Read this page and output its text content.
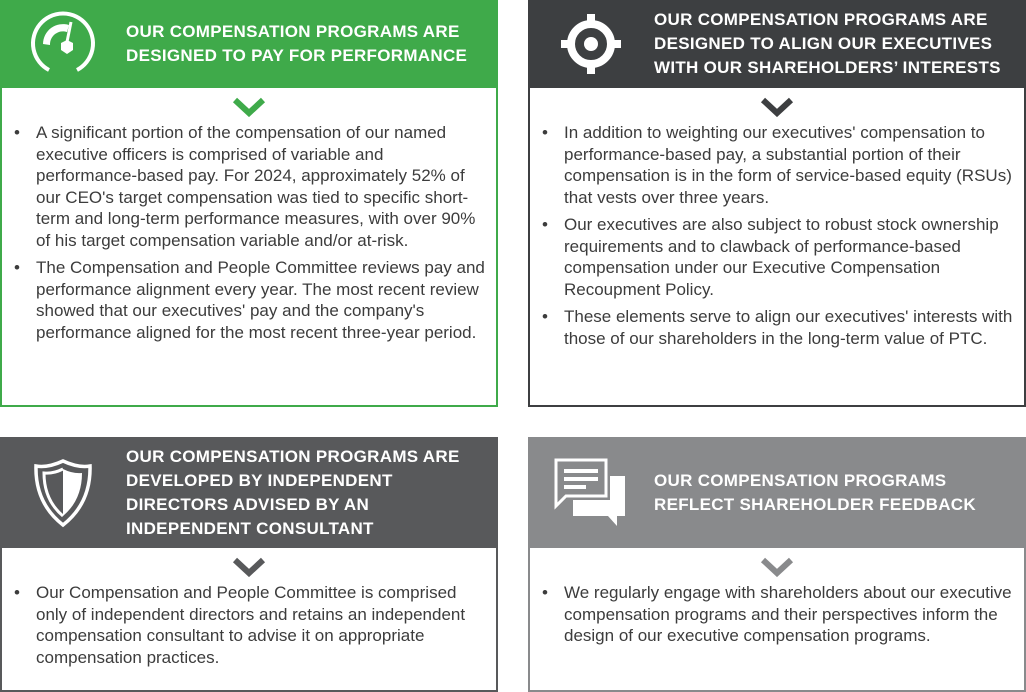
OUR COMPENSATION PROGRAMS ARE DESIGNED TO PAY FOR PERFORMANCE
• A significant portion of the compensation of our named executive officers is comprised of variable and performance-based pay. For 2024, approximately 52% of our CEO's target compensation was tied to specific short-term and long-term performance measures, with over 90% of his target compensation variable and/or at-risk.
• The Compensation and People Committee reviews pay and performance alignment every year. The most recent review showed that our executives' pay and the company's performance aligned for the most recent three-year period.
OUR COMPENSATION PROGRAMS ARE DESIGNED TO ALIGN OUR EXECUTIVES WITH OUR SHAREHOLDERS’ INTERESTS
• In addition to weighting our executives' compensation to performance-based pay, a substantial portion of their compensation is in the form of service-based equity (RSUs) that vests over three years.
• Our executives are also subject to robust stock ownership requirements and to clawback of performance-based compensation under our Executive Compensation Recoupment Policy.
• These elements serve to align our executives' interests with those of our shareholders in the long-term value of PTC.
OUR COMPENSATION PROGRAMS ARE DEVELOPED BY INDEPENDENT DIRECTORS ADVISED BY AN INDEPENDENT CONSULTANT
• Our Compensation and People Committee is comprised only of independent directors and retains an independent compensation consultant to advise it on appropriate compensation practices.
OUR COMPENSATION PROGRAMS REFLECT SHAREHOLDER FEEDBACK
• We regularly engage with shareholders about our executive compensation programs and their perspectives inform the design of our executive compensation programs.
